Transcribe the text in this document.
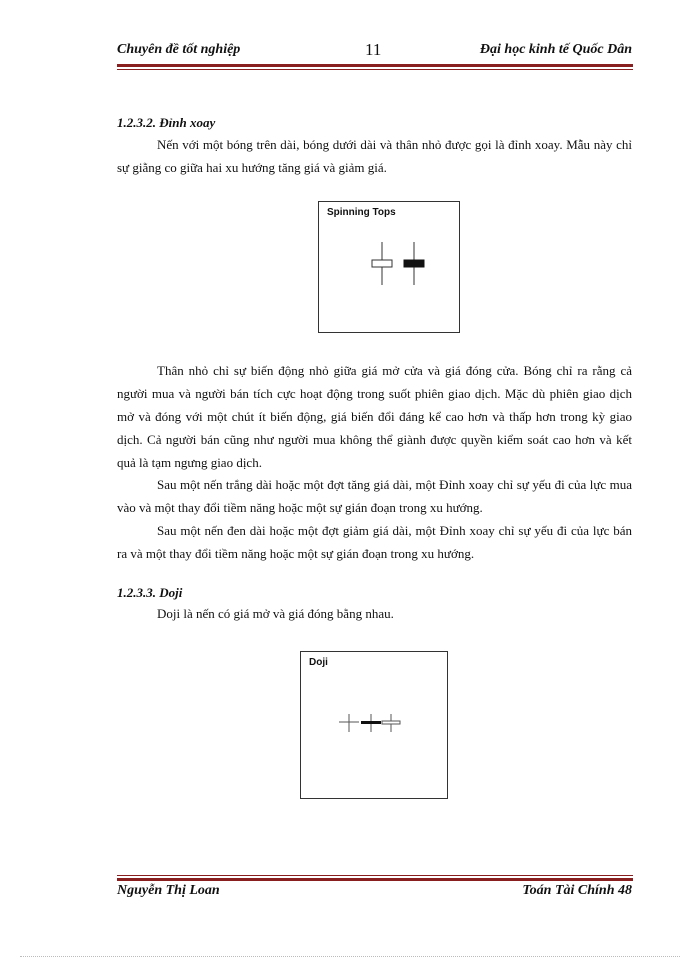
Chuyên đề tốt nghiệp	11	Đại học kinh tế Quốc Dân
1.2.3.2. Đỉnh xoay

Nến với một bóng trên dài, bóng dưới dài và thân nhỏ được gọi là đỉnh xoay. Mẫu này chỉ sự giằng co giữa hai xu hướng tăng giá và giảm giá.

Spinning Tops

Thân nhỏ chỉ sự biến động nhỏ giữa giá mở cửa và giá đóng cửa. Bóng chỉ ra rằng cả người mua và người bán tích cực hoạt động trong suốt phiên giao dịch. Mặc dù phiên giao dịch mở và đóng với một chút ít biến động, giá biến đổi đáng kể cao hơn và thấp hơn trong kỳ giao dịch. Cả người bán cũng như người mua không thể giành được quyền kiểm soát cao hơn và kết quả là tạm ngưng giao dịch.

Sau một nến trắng dài hoặc một đợt tăng giá dài, một Đỉnh xoay chỉ sự yếu đi của lực mua vào và một thay đổi tiềm năng hoặc một sự gián đoạn trong xu hướng.

Sau một nến đen dài hoặc một đợt giảm giá dài, một Đỉnh xoay chỉ sự yếu đi của lực bán ra và một thay đổi tiềm năng hoặc một sự gián đoạn trong xu hướng.

1.2.3.3. Doji

Doji là nến có giá mở và giá đóng bằng nhau.

Doji
Nguyễn Thị Loan	Toán Tài Chính 48
